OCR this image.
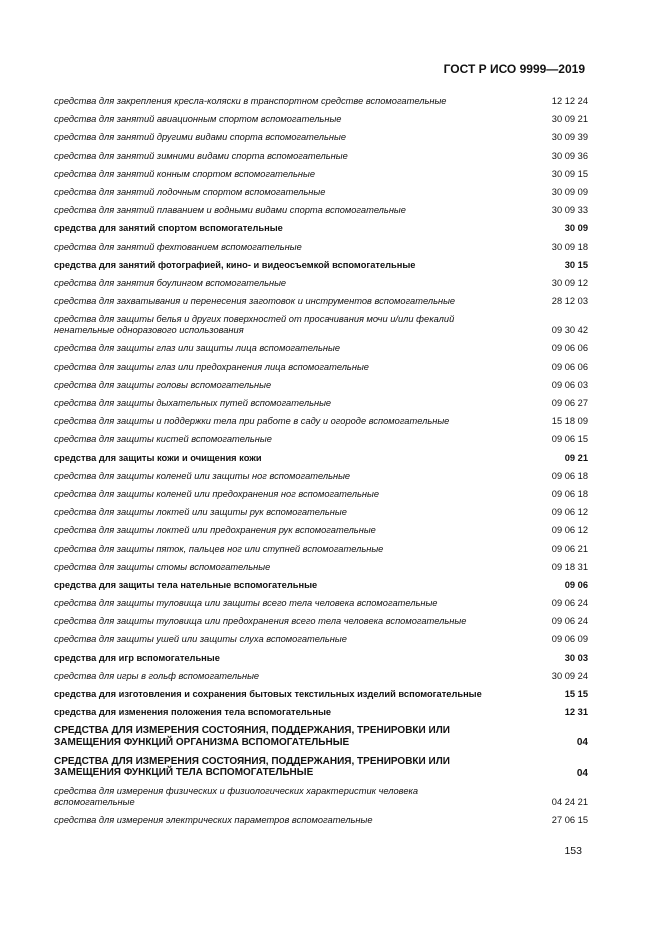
ГОСТ Р ИСО 9999—2019
средства для закрепления кресла-коляски в транспортном средстве вспомогательные	12 12 24
средства для занятий авиационным спортом вспомогательные	30 09 21
средства для занятий другими видами спорта вспомогательные	30 09 39
средства для занятий зимними видами спорта вспомогательные	30 09 36
средства для занятий конным спортом вспомогательные	30 09 15
средства для занятий лодочным спортом вспомогательные	30 09 09
средства для занятий плаванием и водными видами спорта вспомогательные	30 09 33
средства для занятий спортом вспомогательные	30 09
средства для занятий фехтованием вспомогательные	30 09 18
средства для занятий фотографией, кино- и видеосъемкой вспомогательные	30 15
средства для занятия боулингом вспомогательные	30 09 12
средства для захватывания и перенесения заготовок и инструментов вспомогательные	28 12 03
средства для защиты белья и других поверхностей от просачивания мочи и/или фекалий ненательные одноразового использования	09 30 42
средства для защиты глаз или защиты лица вспомогательные	09 06 06
средства для защиты глаз или предохранения лица вспомогательные	09 06 06
средства для защиты головы вспомогательные	09 06 03
средства для защиты дыхательных путей вспомогательные	09 06 27
средства для защиты и поддержки тела при работе в саду и огороде вспомогательные	15 18 09
средства для защиты кистей вспомогательные	09 06 15
средства для защиты кожи и очищения кожи	09 21
средства для защиты коленей или защиты ног вспомогательные	09 06 18
средства для защиты коленей или предохранения ног вспомогательные	09 06 18
средства для защиты локтей или защиты рук вспомогательные	09 06 12
средства для защиты локтей или предохранения рук вспомогательные	09 06 12
средства для защиты пяток, пальцев ног или ступней вспомогательные	09 06 21
средства для защиты стомы вспомогательные	09 18 31
средства для защиты тела нательные вспомогательные	09 06
средства для защиты туловища или защиты всего тела человека вспомогательные	09 06 24
средства для защиты туловища или предохранения всего тела человека вспомогательные	09 06 24
средства для защиты ушей или защиты слуха вспомогательные	09 06 09
средства для игр вспомогательные	30 03
средства для игры в гольф вспомогательные	30 09 24
средства для изготовления и сохранения бытовых текстильных изделий вспомогательные	15 15
средства для изменения положения тела вспомогательные	12 31
СРЕДСТВА ДЛЯ ИЗМЕРЕНИЯ СОСТОЯНИЯ, ПОДДЕРЖАНИЯ, ТРЕНИРОВКИ ИЛИ ЗАМЕЩЕНИЯ ФУНКЦИЙ ОРГАНИЗМА ВСПОМОГАТЕЛЬНЫЕ	04
СРЕДСТВА ДЛЯ ИЗМЕРЕНИЯ СОСТОЯНИЯ, ПОДДЕРЖАНИЯ, ТРЕНИРОВКИ ИЛИ ЗАМЕЩЕНИЯ ФУНКЦИЙ ТЕЛА ВСПОМОГАТЕЛЬНЫЕ	04
средства для измерения физических и физиологических характеристик человека вспомогательные	04 24 21
средства для измерения электрических параметров вспомогательные	27 06 15
153
